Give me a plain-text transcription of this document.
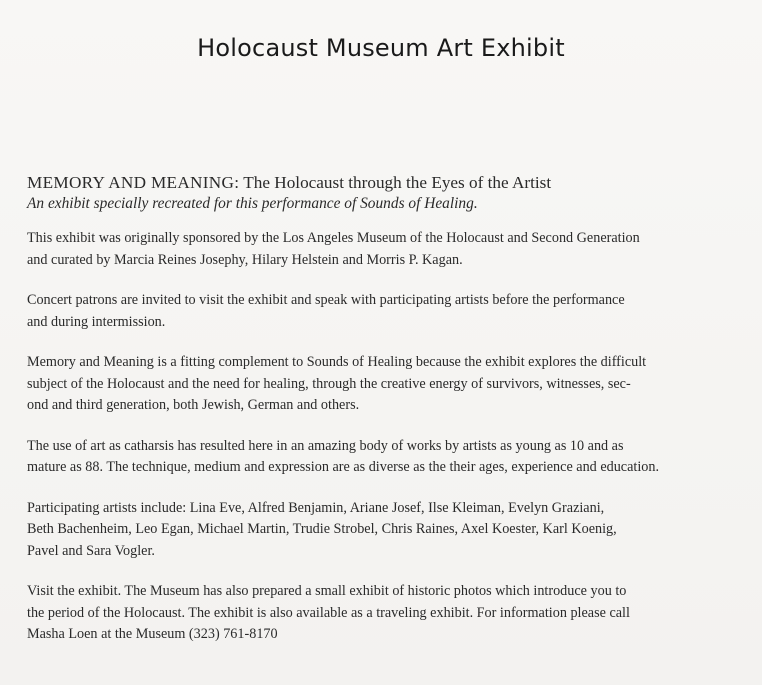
Holocaust Museum Art Exhibit

MEMORY AND MEANING: The Holocaust through the Eyes of the Artist

An exhibit specially recreated for this performance of Sounds of Healing.

This exhibit was originally sponsored by the Los Angeles Museum of the Holocaust and Second Generation
and curated by Marcia Reines Josephy, Hilary Helstein and Morris P. Kagan.

Concert patrons are invited to visit the exhibit and speak with participating artists before the performance
and during intermission.

Memory and Meaning is a fitting complement to Sounds of Healing because the exhibit explores the difficult
subject of the Holocaust and the need for healing, through the creative energy of survivors, witnesses, sec-
ond and third generation, both Jewish, German and others.

The use of art as catharsis has resulted here in an amazing body of works by artists as young as 10 and as
mature as 88. The technique, medium and expression are as diverse as the their ages, experience and education.

Participating artists include: Lina Eve, Alfred Benjamin, Ariane Josef, Ilse Kleiman, Evelyn Graziani,
Beth Bachenheim, Leo Egan, Michael Martin, Trudie Strobel, Chris Raines, Axel Koester, Karl Koenig,
Pavel and Sara Vogler.

Visit the exhibit. The Museum has also prepared a small exhibit of historic photos which introduce you to
the period of the Holocaust. The exhibit is also available as a traveling exhibit. For information please call
Masha Loen at the Museum (323) 761-8170
